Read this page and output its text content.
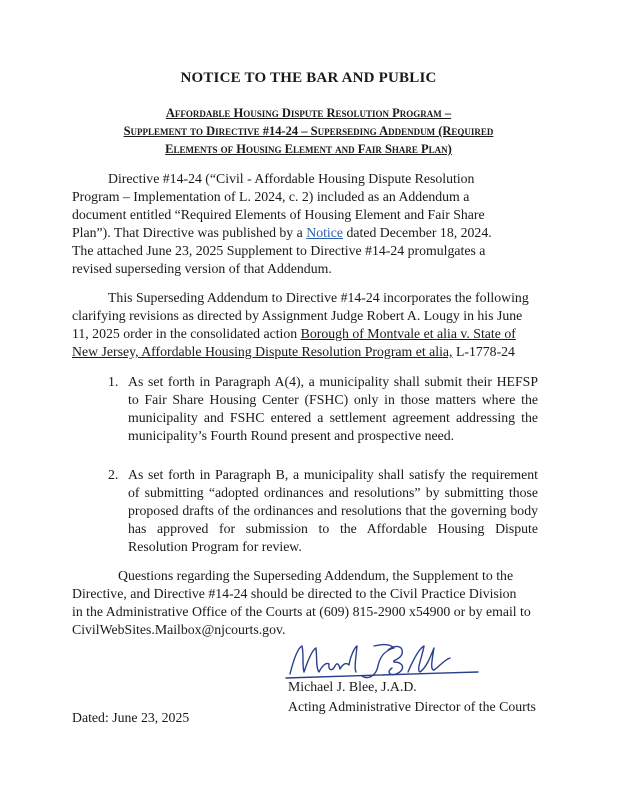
NOTICE TO THE BAR AND PUBLIC
Affordable Housing Dispute Resolution Program –
Supplement to Directive #14-24 – Superseding Addendum (Required
Elements of Housing Element and Fair Share Plan)
Directive #14-24 (“Civil - Affordable Housing Dispute Resolution
Program – Implementation of L. 2024, c. 2) included as an Addendum a
document entitled “Required Elements of Housing Element and Fair Share
Plan”). That Directive was published by a Notice dated December 18, 2024.
The attached June 23, 2025 Supplement to Directive #14-24 promulgates a
revised superseding version of that Addendum.
This Superseding Addendum to Directive #14-24 incorporates the following
clarifying revisions as directed by Assignment Judge Robert A. Lougy in his June
11, 2025 order in the consolidated action Borough of Montvale et alia v. State of
New Jersey, Affordable Housing Dispute Resolution Program et alia, L-1778-24
1. As set forth in Paragraph A(4), a municipality shall submit their HEFSP to Fair Share Housing Center (FSHC) only in those matters where the municipality and FSHC entered a settlement agreement addressing the municipality’s Fourth Round present and prospective need.
2. As set forth in Paragraph B, a municipality shall satisfy the requirement of submitting “adopted ordinances and resolutions” by submitting those proposed drafts of the ordinances and resolutions that the governing body has approved for submission to the Affordable Housing Dispute Resolution Program for review.
Questions regarding the Superseding Addendum, the Supplement to the
Directive, and Directive #14-24 should be directed to the Civil Practice Division
in the Administrative Office of the Courts at (609) 815-2900 x54900 or by email to
CivilWebSites.Mailbox@njcourts.gov.
Michael J. Blee, J.A.D.
Acting Administrative Director of the Courts
Dated: June 23, 2025
